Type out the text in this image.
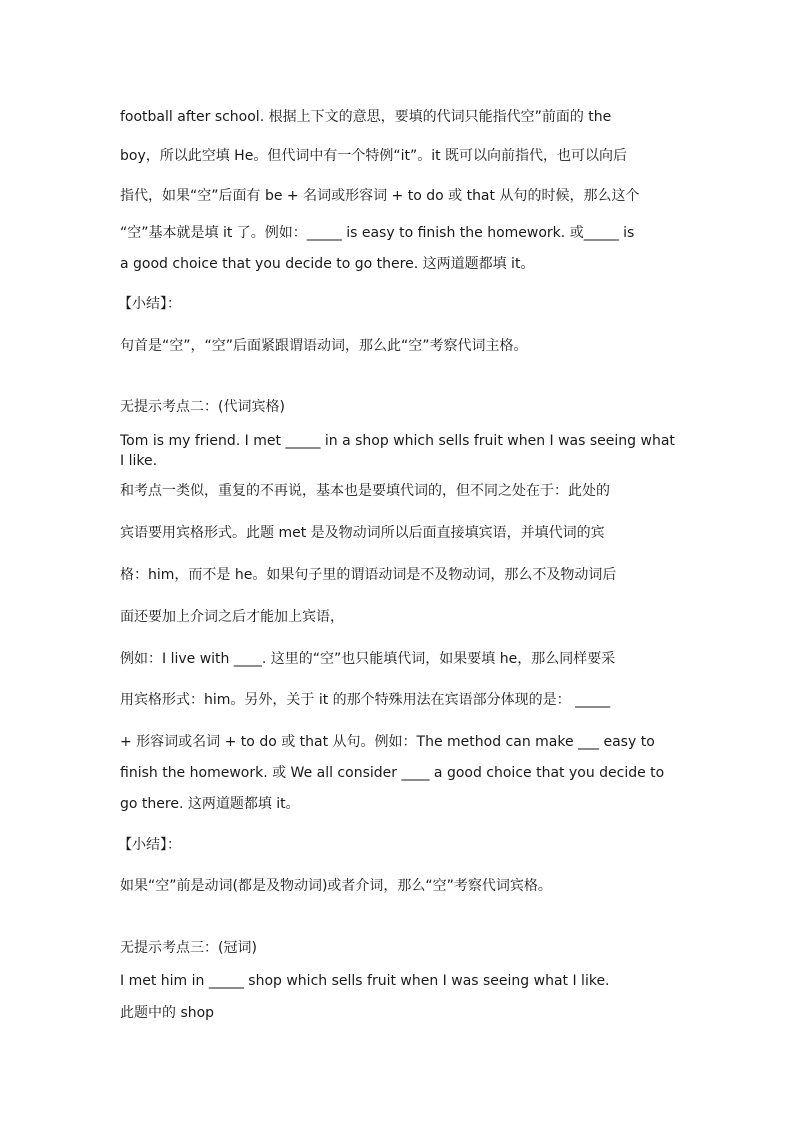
football after school. 根据上下文的意思，要填的代词只能指代空”前面的 the
boy，所以此空填 He。但代词中有一个特例“it”。it 既可以向前指代，也可以向后
指代，如果“空”后面有 be + 名词或形容词 + to do 或 that 从句的时候，那么这个
“空”基本就是填 it 了。例如：_____ is easy to finish the homework. 或_____ is
a good choice that you decide to go there. 这两道题都填 it。
【小结】：
句首是“空”，“空”后面紧跟谓语动词，那么此“空”考察代词主格。
无提示考点二：(代词宾格)
Tom is my friend. I met _____ in a shop which sells fruit when I was seeing what I like.
和考点一类似，重复的不再说，基本也是要填代词的，但不同之处在于：此处的
宾语要用宾格形式。此题 met 是及物动词所以后面直接填宾语，并填代词的宾
格：him，而不是 he。如果句子里的谓语动词是不及物动词，那么不及物动词后
面还要加上介词之后才能加上宾语，
例如：I live with ____. 这里的“空”也只能填代词，如果要填 he，那么同样要采
用宾格形式：him。另外，关于 it 的那个特殊用法在宾语部分体现的是： _____
+ 形容词或名词 + to do 或 that 从句。例如：The method can make ___ easy to
finish the homework. 或 We all consider ____ a good choice that you decide to
go there. 这两道题都填 it。
【小结】：
如果“空”前是动词(都是及物动词)或者介词，那么“空”考察代词宾格。
无提示考点三：(冠词)
I met him in _____ shop which sells fruit when I was seeing what I like.
此题中的 shop
